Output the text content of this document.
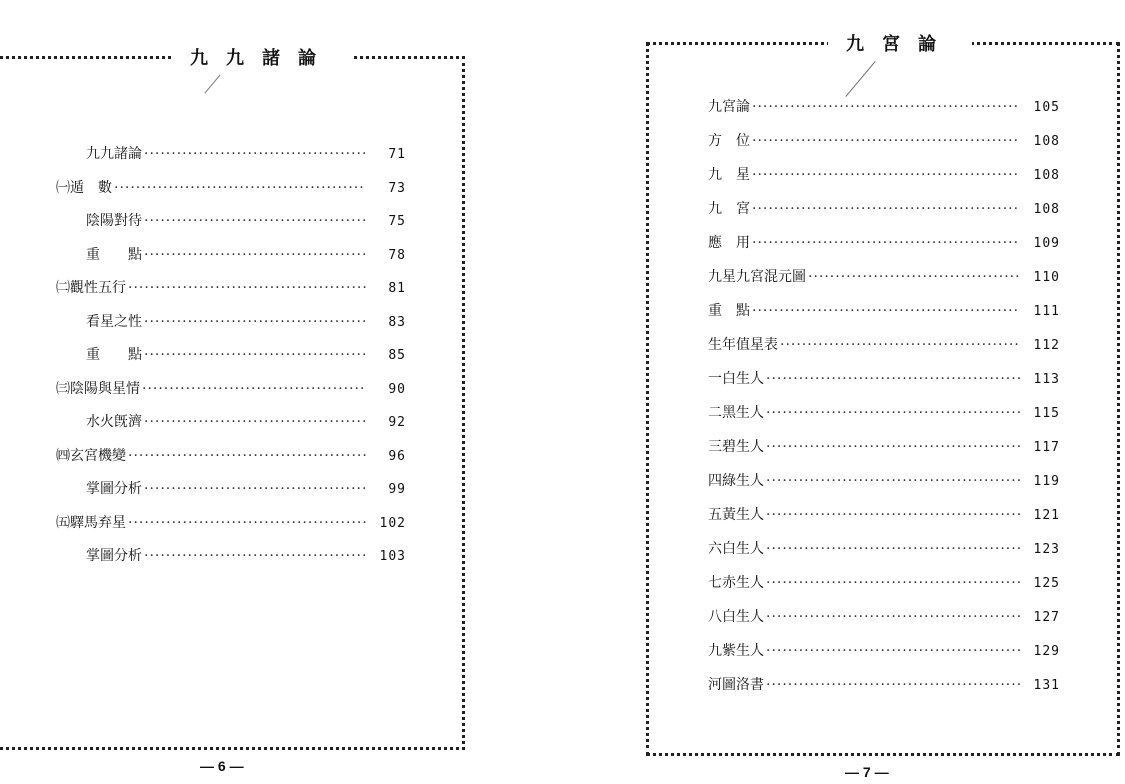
九九諸論
九九諸論 ·····	71
㈠遁　數 ·····	73
陰陽對待 ·····	75
重　　點 ·····	78
㈡觀性五行 ·····	81
看星之性 ·····	83
重　　點 ·····	85
㈢陰陽與星情 ·····	90
水火旣濟 ·····	92
㈣玄宮機變 ·····	96
掌圖分析 ·····	99
㈤驛馬弃星 ·····	102
掌圖分析 ·····	103
— 6 —
九宮論
九宮論 ·····	105
方　位 ·····	108
九　星 ·····	108
九　宮 ·····	108
應　用 ·····	109
九星九宮混元圖 ·····	110
重　點 ·····	111
生年值星表 ·····	112
一白生人 ·····	113
二黑生人 ·····	115
三碧生人 ·····	117
四綠生人 ·····	119
五黃生人 ·····	121
六白生人 ·····	123
七赤生人 ·····	125
八白生人 ·····	127
九紫生人 ·····	129
河圖洛書 ·····	131
— 7 —
